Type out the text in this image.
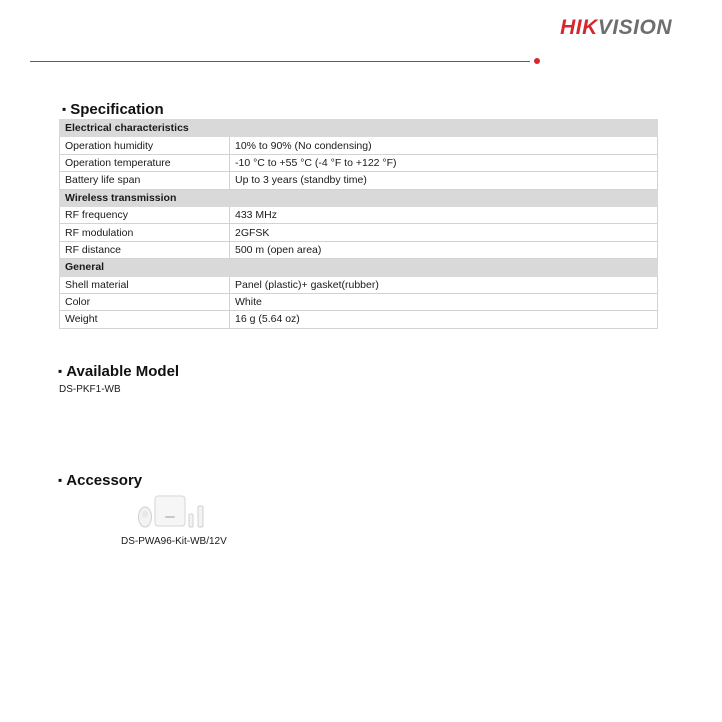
HIKVISION
▪ Specification
Electrical characteristics	
Operation humidity	10% to 90% (No condensing)
Operation temperature	-10 °C to +55 °C (-4 °F to +122 °F)
Battery life span	Up to 3 years (standby time)
Wireless transmission	
RF frequency	433 MHz
RF modulation	2GFSK
RF distance	500 m (open area)
General	
Shell material	Panel (plastic)+ gasket(rubber)
Color	White
Weight	16 g (5.64 oz)
▪ Available Model
DS-PKF1-WB
▪ Accessory
DS-PWA96-Kit-WB/12V
